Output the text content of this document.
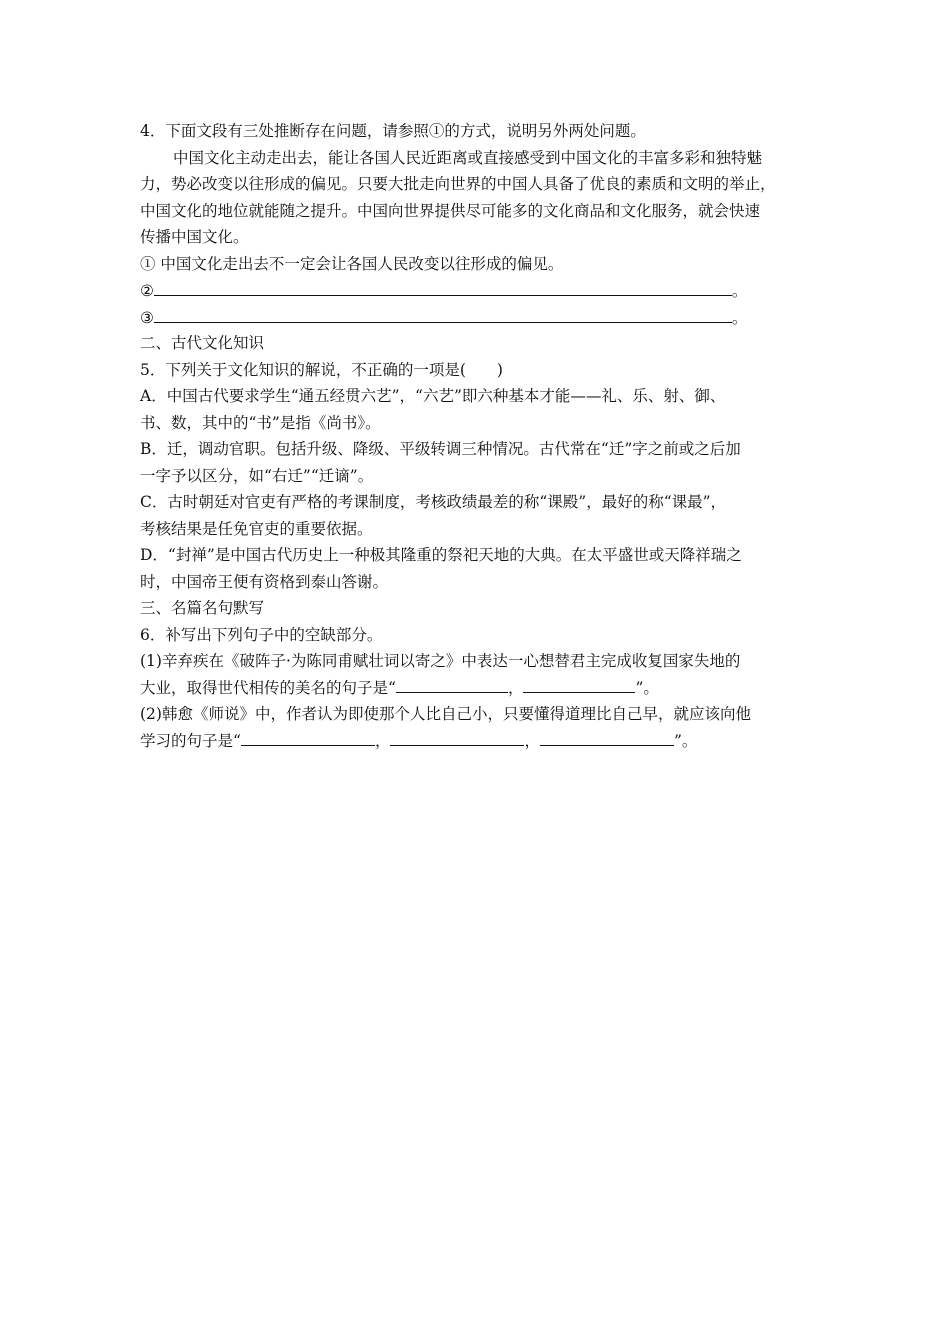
4．下面文段有三处推断存在问题，请参照①的方式，说明另外两处问题。
中国文化主动走出去，能让各国人民近距离或直接感受到中国文化的丰富多彩和独特魅
力，势必改变以往形成的偏见。只要大批走向世界的中国人具备了优良的素质和文明的举止，
中国文化的地位就能随之提升。中国向世界提供尽可能多的文化商品和文化服务，就会快速
传播中国文化。
① 中国文化走出去不一定会让各国人民改变以往形成的偏见。
②	。
③	。
二、古代文化知识
5．下列关于文化知识的解说，不正确的一项是(　　)
A．中国古代要求学生“通五经贯六艺”，“六艺”即六种基本才能——礼、乐、射、御、
书、数，其中的“书”是指《尚书》。
B．迁，调动官职。包括升级、降级、平级转调三种情况。古代常在“迁”字之前或之后加
一字予以区分，如“右迁”“迁谪”。
C．古时朝廷对官吏有严格的考课制度，考核政绩最差的称“课殿”，最好的称“课最”，
考核结果是任免官吏的重要依据。
D．“封禅”是中国古代历史上一种极其隆重的祭祀天地的大典。在太平盛世或天降祥瑞之
时，中国帝王便有资格到泰山答谢。
三、名篇名句默写
6．补写出下列句子中的空缺部分。
(1)辛弃疾在《破阵子·为陈同甫赋壮词以寄之》中表达一心想替君主完成收复国家失地的
大业，取得世代相传的美名的句子是“	，	”。
(2)韩愈《师说》中，作者认为即使那个人比自己小，只要懂得道理比自己早，就应该向他
学习的句子是“	，	，	”。
